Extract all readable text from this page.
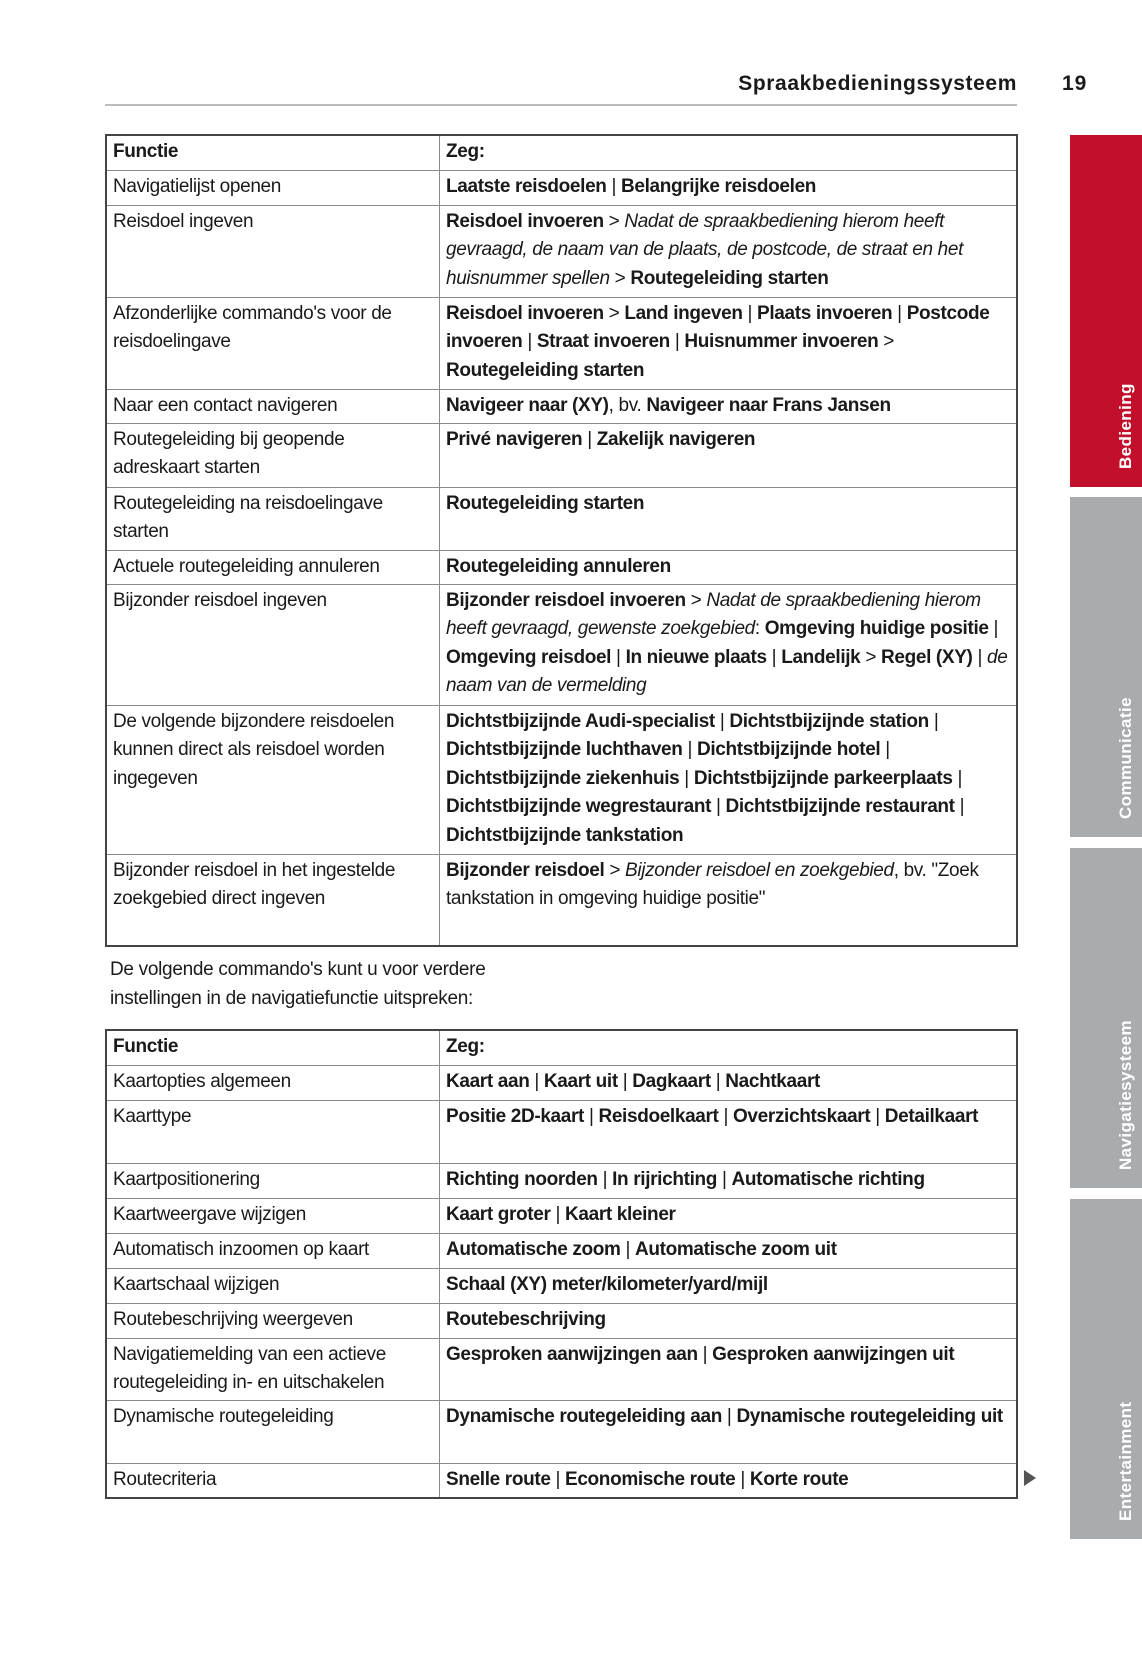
Spraakbedieningssysteem 19
Functie	Zeg:
Navigatielijst openen	Laatste reisdoelen | Belangrijke reisdoelen
Reisdoel ingeven	Reisdoel invoeren > Nadat de spraakbediening hierom heeft gevraagd, de naam van de plaats, de postcode, de straat en het huisnummer spellen > Routegeleiding starten
Afzonderlijke commando's voor de reisdoelingave	Reisdoel invoeren > Land ingeven | Plaats invoeren | Postcode invoeren | Straat invoeren | Huisnummer invoeren > Routegeleiding starten
Naar een contact navigeren	Navigeer naar (XY), bv. Navigeer naar Frans Jansen
Routegeleiding bij geopende adreskaart starten	Privé navigeren | Zakelijk navigeren
Routegeleiding na reisdoelingave starten	Routegeleiding starten
Actuele routegeleiding annuleren	Routegeleiding annuleren
Bijzonder reisdoel ingeven	Bijzonder reisdoel invoeren > Nadat de spraakbediening hierom heeft gevraagd, gewenste zoekgebied: Omgeving huidige positie | Omgeving reisdoel | In nieuwe plaats | Landelijk > Regel (XY) | de naam van de vermelding
De volgende bijzondere reisdoelen kunnen direct als reisdoel worden ingegeven	Dichtstbijzijnde Audi-specialist | Dichtstbijzijnde station | Dichtstbijzijnde luchthaven | Dichtstbijzijnde hotel | Dichtstbijzijnde ziekenhuis | Dichtstbijzijnde parkeerplaats | Dichtstbijzijnde wegrestaurant | Dichtstbijzijnde restaurant | Dichtstbijzijnde tankstation
Bijzonder reisdoel in het ingestelde zoekgebied direct ingeven	Bijzonder reisdoel > Bijzonder reisdoel en zoekgebied, bv. "Zoek tankstation in omgeving huidige positie"
De volgende commando's kunt u voor verdere instellingen in de navigatiefunctie uitspreken:
Functie	Zeg:
Kaartopties algemeen	Kaart aan | Kaart uit | Dagkaart | Nachtkaart
Kaarttype	Positie 2D-kaart | Reisdoelkaart | Overzichtskaart | Detailkaart
Kaartpositionering	Richting noorden | In rijrichting | Automatische richting
Kaartweergave wijzigen	Kaart groter | Kaart kleiner
Automatisch inzoomen op kaart	Automatische zoom | Automatische zoom uit
Kaartschaal wijzigen	Schaal (XY) meter/kilometer/yard/mijl
Routebeschrijving weergeven	Routebeschrijving
Navigatiemelding van een actieve routegeleiding in- en uitschakelen	Gesproken aanwijzingen aan | Gesproken aanwijzingen uit
Dynamische routegeleiding	Dynamische routegeleiding aan | Dynamische routegeleiding uit
Routecriteria	Snelle route | Economische route | Korte route
Bediening
Communicatie
Navigatiesysteem
Entertainment
